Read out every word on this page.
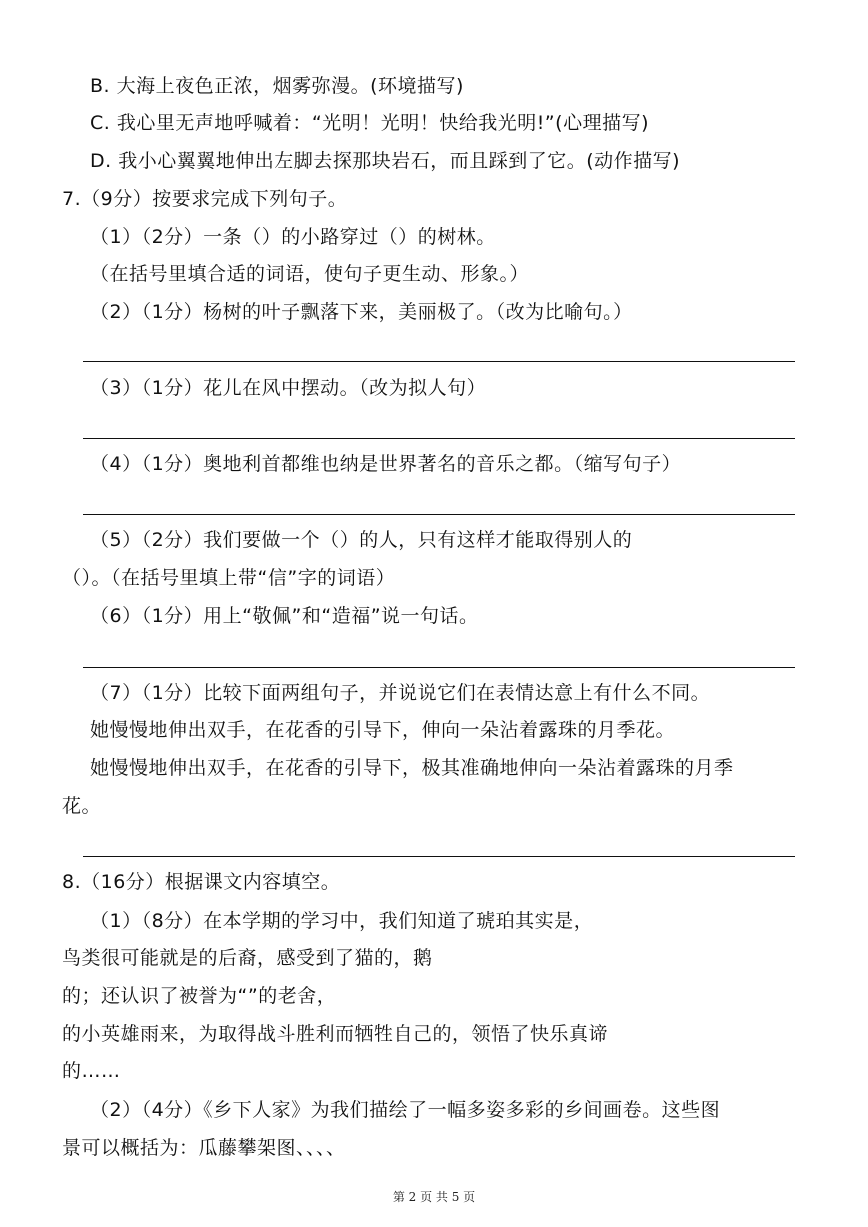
B. 大海上夜色正浓，烟雾弥漫。(环境描写)
C. 我心里无声地呼喊着：“光明！光明！快给我光明!”(心理描写)
D. 我小心翼翼地伸出左脚去探那块岩石，而且踩到了它。(动作描写)
7.（9分）按要求完成下列句子。
（1）（2分）一条（）的小路穿过（）的树林。
（在括号里填合适的词语，使句子更生动、形象。）
（2）（1分）杨树的叶子飘落下来，美丽极了。（改为比喻句。）
（3）（1分）花儿在风中摆动。（改为拟人句）
（4）（1分）奥地利首都维也纳是世界著名的音乐之都。（缩写句子）
（5）（2分）我们要做一个（）的人，只有这样才能取得别人的
（）。（在括号里填上带“信”字的词语）
（6）（1分）用上“敬佩”和“造福”说一句话。
（7）（1分）比较下面两组句子，并说说它们在表情达意上有什么不同。
她慢慢地伸出双手，在花香的引导下，伸向一朵沾着露珠的月季花。
她慢慢地伸出双手，在花香的引导下，极其准确地伸向一朵沾着露珠的月季
花。
8.（16分）根据课文内容填空。
（1）（8分）在本学期的学习中，我们知道了琥珀其实是，
鸟类很可能就是的后裔，感受到了猫的，鹅
的；还认识了被誉为“”的老舍，
的小英雄雨来，为取得战斗胜利而牺牲自己的，领悟了快乐真谛
的……
（2）（4分）《乡下人家》为我们描绘了一幅多姿多彩的乡间画卷。这些图
景可以概括为：瓜藤攀架图、、、、
第 2 页 共 5 页
